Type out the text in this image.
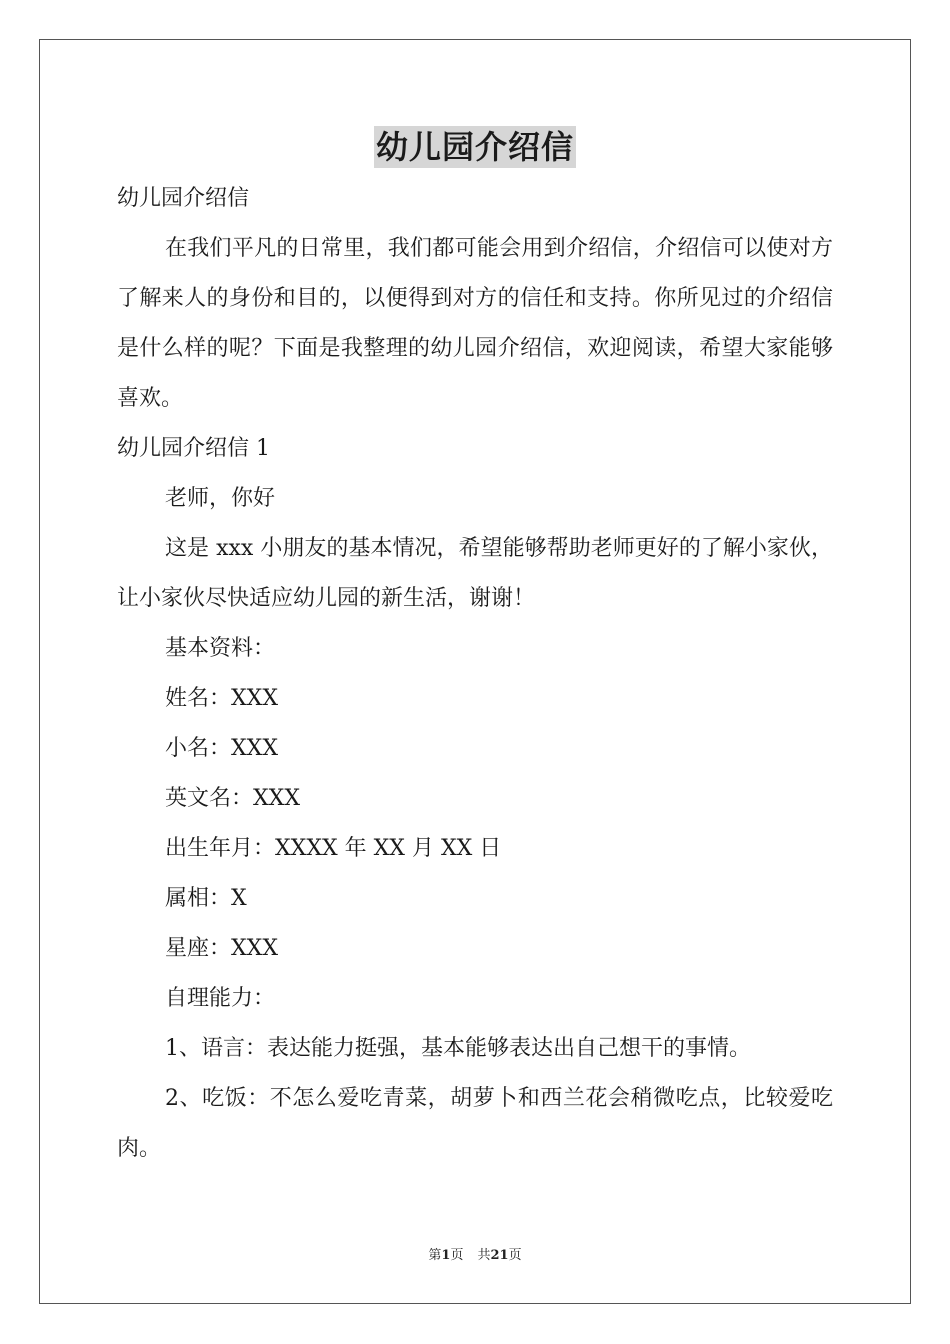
幼儿园介绍信

幼儿园介绍信

在我们平凡的日常里，我们都可能会用到介绍信，介绍信可以使对方了解来人的身份和目的，以便得到对方的信任和支持。你所见过的介绍信是什么样的呢？下面是我整理的幼儿园介绍信，欢迎阅读，希望大家能够喜欢。

幼儿园介绍信 1

老师，你好

这是 xxx 小朋友的基本情况，希望能够帮助老师更好的了解小家伙，让小家伙尽快适应幼儿园的新生活，谢谢！

基本资料：

姓名：XXX

小名：XXX

英文名：XXX

出生年月：XXXX 年 XX 月 XX 日

属相：X

星座：XXX

自理能力：

1、语言：表达能力挺强，基本能够表达出自己想干的事情。

2、吃饭：不怎么爱吃青菜，胡萝卜和西兰花会稍微吃点，比较爱吃肉。

第1页 共21页
